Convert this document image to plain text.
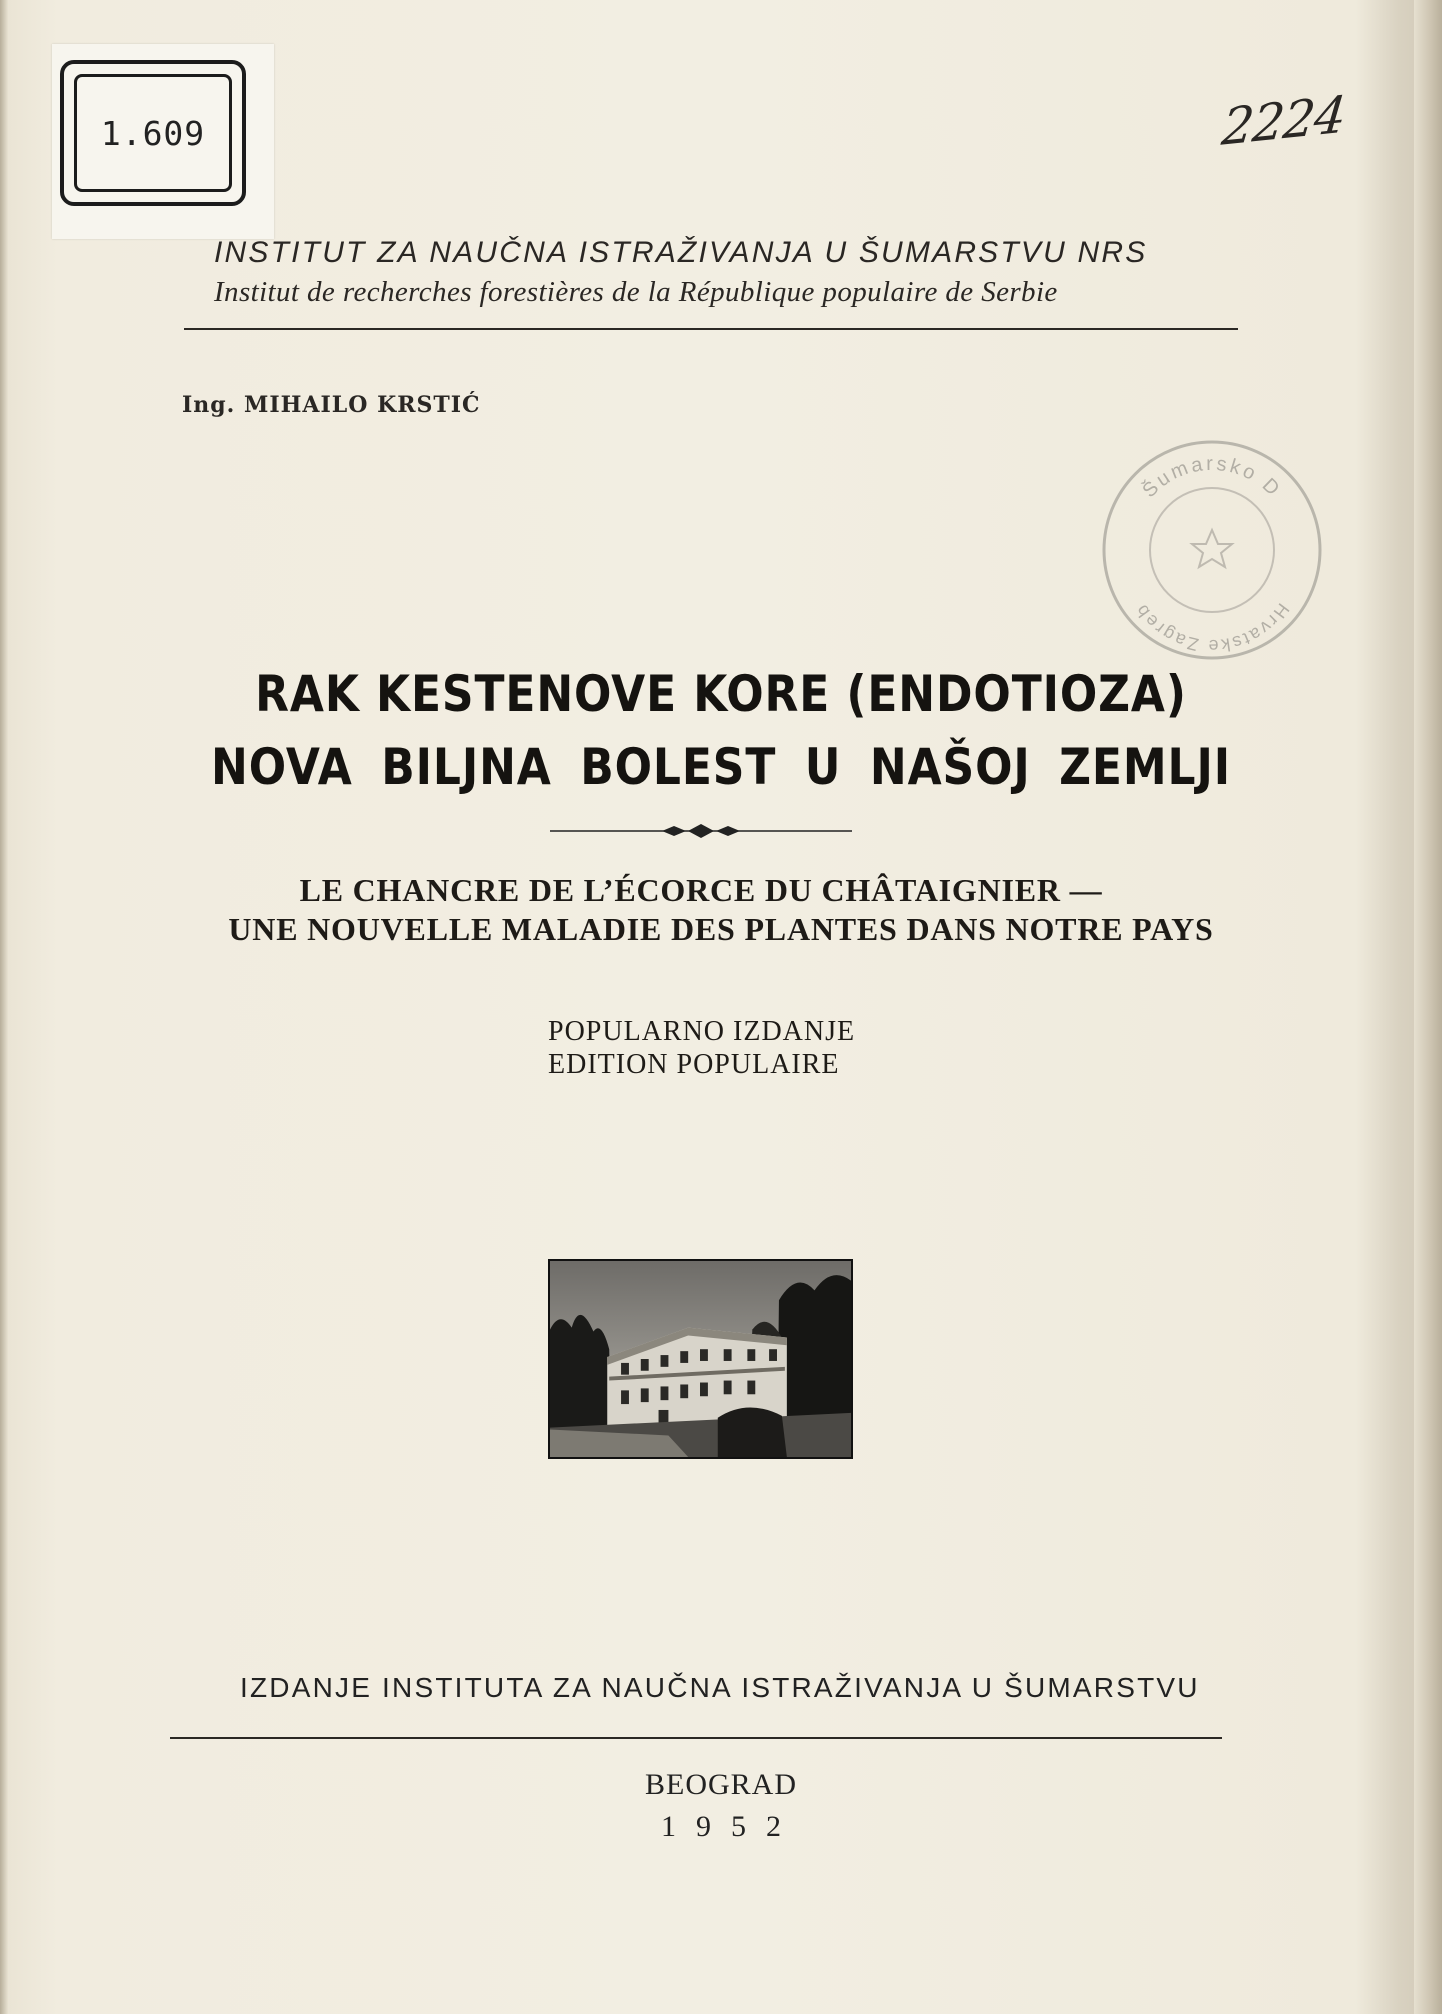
1.609	2224
INSTITUT ZA NAUČNA ISTRAŽIVANJA U ŠUMARSTVU NRS
Institut de recherches forestières de la République populaire de Serbie
Ing. MIHAILO KRSTIĆ
Šumarsko D
Hrvatske Zagreb
RAK KESTENOVE KORE (ENDOTIOZA)
NOVA BILJNA BOLEST U NAŠOJ ZEMLJI
LE CHANCRE DE L’ÉCORCE DU CHÂTAIGNIER —
UNE NOUVELLE MALADIE DES PLANTES DANS NOTRE PAYS
POPULARNO IZDANJE
EDITION POPULAIRE
IZDANJE INSTITUTA ZA NAUČNA ISTRAŽIVANJA U ŠUMARSTVU
BEOGRAD
1952
